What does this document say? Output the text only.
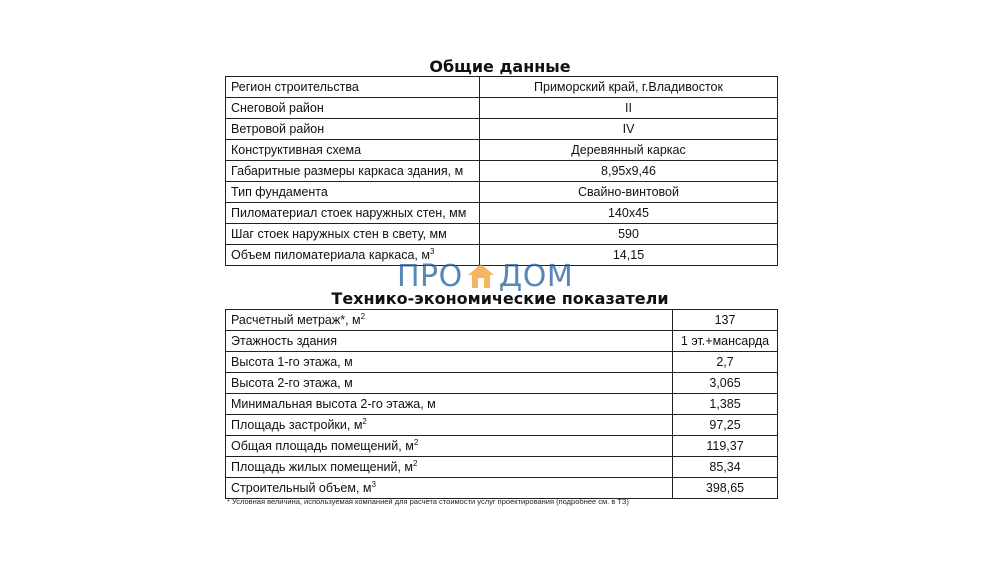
Общие данные
Регион строительства	Приморский край, г.Владивосток
Снеговой район	II
Ветровой район	IV
Конструктивная схема	Деревянный каркас
Габаритные размеры каркаса здания, м	8,95х9,46
Тип фундамента	Свайно-винтовой
Пиломатериал стоек наружных стен, мм	140х45
Шаг стоек наружных стен в свету, мм	590
Объем пиломатериала каркаса, $м^3$	14,15
ПРО ДОМ
Технико-экономические показатели
Расчетный метраж*, $м^2$	137
Этажность здания	1 эт.+мансарда
Высота 1-го этажа, м	2,7
Высота 2-го этажа, м	3,065
Минимальная высота 2-го этажа, м	1,385
Площадь застройки, $м^2$	97,25
Общая площадь помещений, $м^2$	119,37
Площадь жилых помещений, $м^2$	85,34
Строительный объем, $м^3$	398,65
* Условная величина, используемая компанией для расчета стоимости услуг проектирования (подробнее см. в ТЗ)
